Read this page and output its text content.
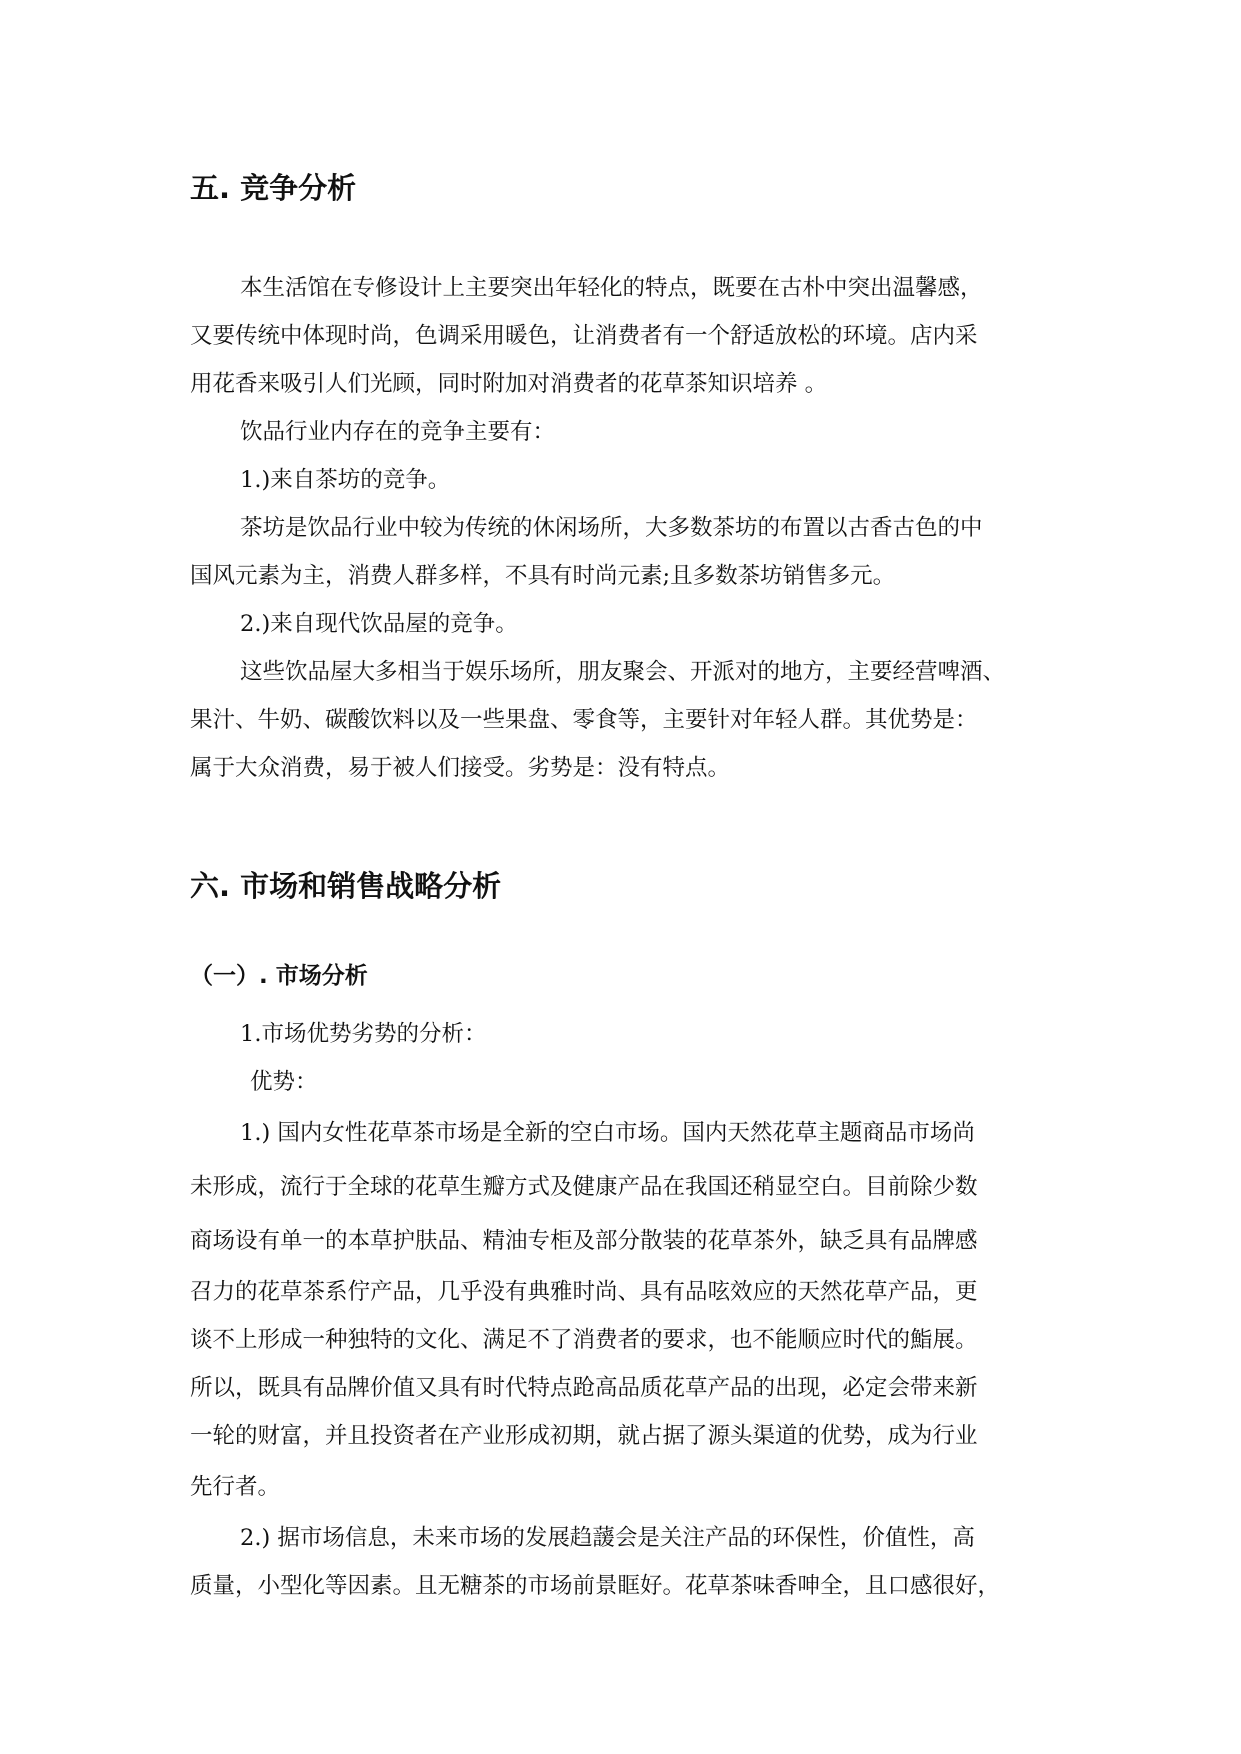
五. 竞争分析
本生活馆在专修设计上主要突出年轻化的特点，既要在古朴中突出温馨感，
又要传统中体现时尚，色调采用暖色，让消费者有一个舒适放松的环境。店内采
用花香来吸引人们光顾，同时附加对消费者的花草茶知识培养 。
饮品行业内存在的竞争主要有：
1.)来自茶坊的竞争。
茶坊是饮品行业中较为传统的休闲场所，大多数茶坊的布置以古香古色的中
国风元素为主，消费人群多样，不具有时尚元素;且多数茶坊销售多元。
2.)来自现代饮品屋的竞争。
这些饮品屋大多相当于娱乐场所，朋友聚会、开派对的地方，主要经营啤酒、
果汁、牛奶、碳酸饮料以及一些果盘、零食等，主要针对年轻人群。其优势是：
属于大众消费，易于被人们接受。劣势是：没有特点。
六. 市场和销售战略分析
（一）. 市场分析
1.市场优势劣势的分析：
优势：
1.) 国内女性花草茶市场是全新的空白市场。国内天然花草主题商品市场尚
未形成，流行于全球的花草生瓣方式及健康产品在我国还稍显空白。目前除少数
商场设有单一的本草护肤品、精油专柜及部分散装的花草茶外，缺乏具有品牌感
召力的花草茶系佇产品，几乎没有典雅时尚、具有品呟效应的天然花草产品，更
谈不上形成一种独特的文化、满足不了消费者的要求，也不能顺应时代的鮨展。
所以，既具有品牌价值又具有时代特点跄高品质花草产品的出现，必定会带来新
一轮的财富，并且投资者在产业形成初期，就占据了源头渠道的优势，成为行业
先行者。
2.) 据市场信息，未来市场的发展趋蘐会是关注产品的环保性，价值性，高
质量，小型化等因素。且无糖茶的市场前景眶好。花草茶味香呻全，且口感很好，
